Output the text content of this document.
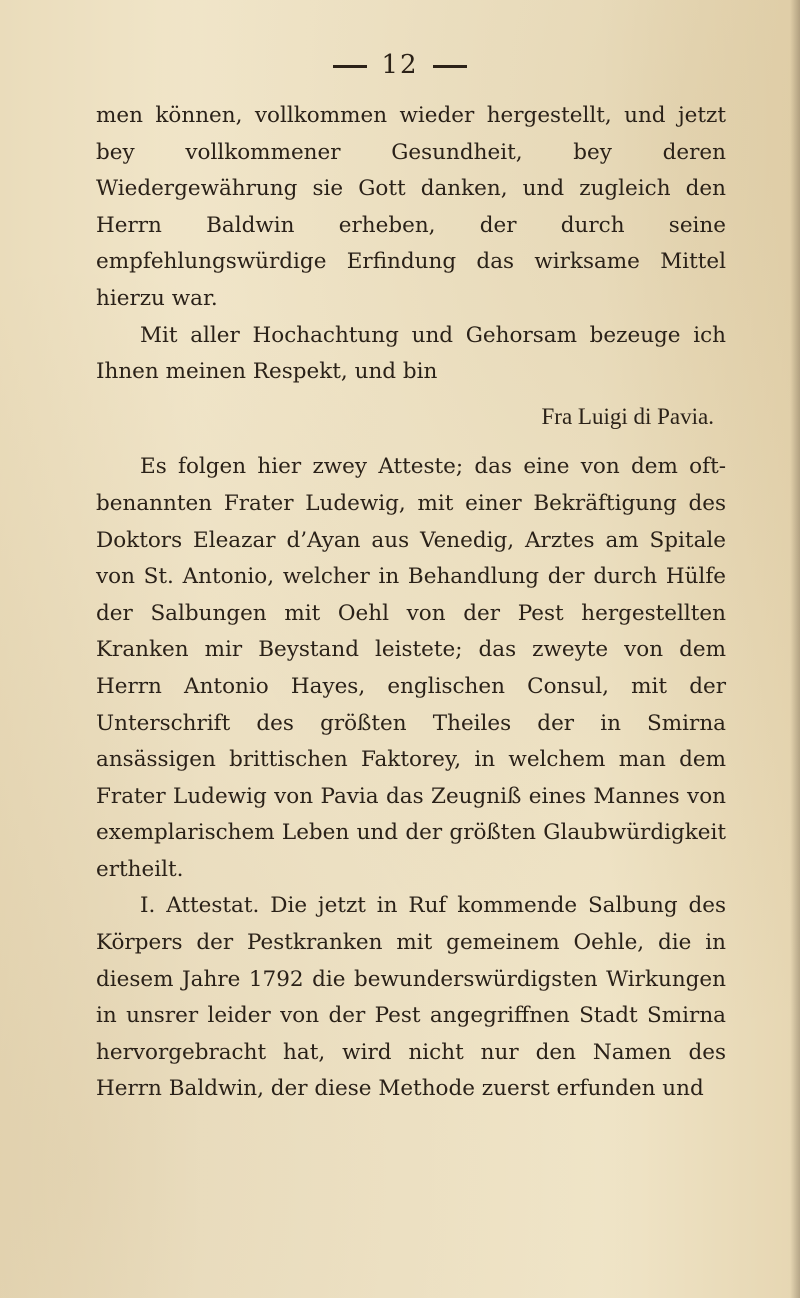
12

men können, vollkommen wieder hergestellt, und jetzt bey vollkommener Gesundheit, bey deren Wiedergewährung sie Gott danken, und zugleich den Herrn Baldwin erheben, der durch seine empfehlungswürdige Erfindung das wirksame Mittel hierzu war.

Mit aller Hochachtung und Gehorsam bezeuge ich Ihnen meinen Respekt, und bin

Fra Luigi di Pavia.

Es folgen hier zwey Atteste; das eine von dem oft-benannten Frater Ludewig, mit einer Bekräftigung des Doktors Eleazar d’Ayan aus Venedig, Arztes am Spitale von St. Antonio, welcher in Behandlung der durch Hülfe der Salbungen mit Oehl von der Pest hergestellten Kranken mir Beystand leistete; das zweyte von dem Herrn Antonio Hayes, englischen Consul, mit der Unterschrift des größten Theiles der in Smirna ansässigen brittischen Faktorey, in welchem man dem Frater Ludewig von Pavia das Zeugniß eines Mannes von exemplarischem Leben und der größten Glaubwürdigkeit ertheilt.

I. Attestat. Die jetzt in Ruf kommende Salbung des Körpers der Pestkranken mit gemeinem Oehle, die in diesem Jahre 1792 die bewunderswürdigsten Wirkungen in unsrer leider von der Pest angegriffnen Stadt Smirna hervorgebracht hat, wird nicht nur den Namen des Herrn Baldwin, der diese Methode zuerst erfunden und
